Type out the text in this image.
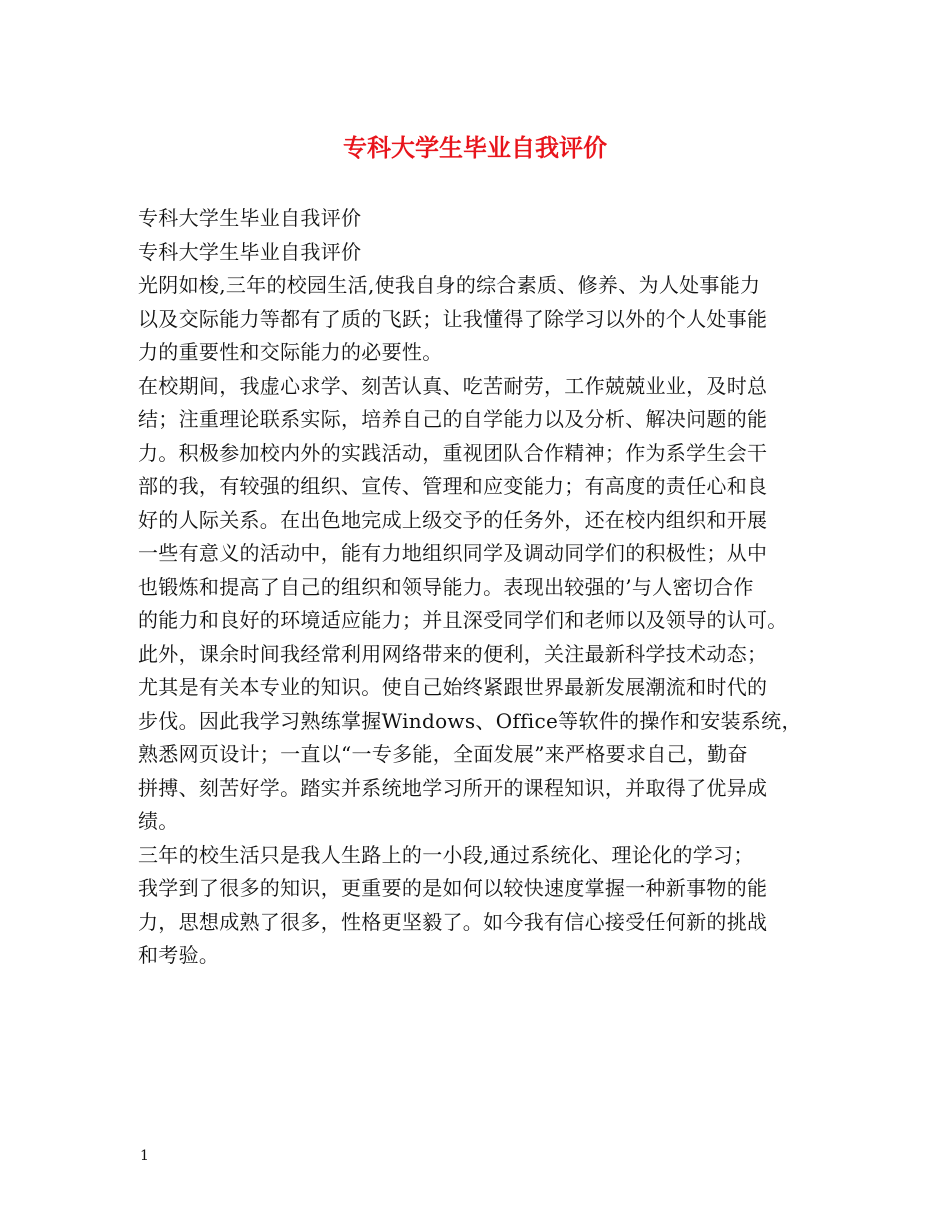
专科大学生毕业自我评价
专科大学生毕业自我评价
专科大学生毕业自我评价
光阴如梭,三年的校园生活,使我自身的综合素质、修养、为人处事能力
以及交际能力等都有了质的飞跃；让我懂得了除学习以外的个人处事能
力的重要性和交际能力的必要性。
在校期间，我虚心求学、刻苦认真、吃苦耐劳，工作兢兢业业，及时总
结；注重理论联系实际，培养自己的自学能力以及分析、解决问题的能
力。积极参加校内外的实践活动，重视团队合作精神；作为系学生会干
部的我，有较强的组织、宣传、管理和应变能力；有高度的责任心和良
好的人际关系。在出色地完成上级交予的任务外，还在校内组织和开展
一些有意义的活动中，能有力地组织同学及调动同学们的积极性；从中
也锻炼和提高了自己的组织和领导能力。表现出较强的’与人密切合作
的能力和良好的环境适应能力；并且深受同学们和老师以及领导的认可。
此外，课余时间我经常利用网络带来的便利，关注最新科学技术动态；
尤其是有关本专业的知识。使自己始终紧跟世界最新发展潮流和时代的
步伐。因此我学习熟练掌握Windows、Office等软件的操作和安装系统，
熟悉网页设计；一直以“一专多能，全面发展”来严格要求自己，勤奋
拼搏、刻苦好学。踏实并系统地学习所开的课程知识，并取得了优异成
绩。
三年的校生活只是我人生路上的一小段,通过系统化、理论化的学习；
我学到了很多的知识，更重要的是如何以较快速度掌握一种新事物的能
力，思想成熟了很多，性格更坚毅了。如今我有信心接受任何新的挑战
和考验。
1
